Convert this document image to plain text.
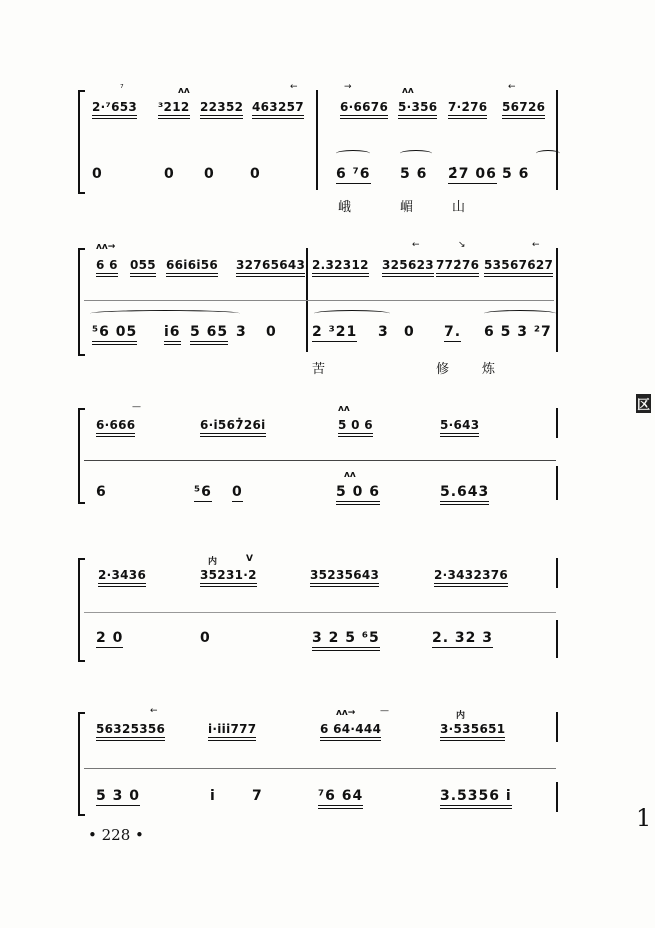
⁷	ʌʌ	←	→	ʌʌ	←
2·⁷653 ³212 22352 463257	6·6676 5·356 7·2̇76 56726
0	0 0	0	6 ⁷6 5 6 2̇7 06 5 6
峨	嵋	山
ʌʌ→	←	↘	←
6 6 055 66i6i56 32765643 2.32312 325623 772̇76 535676̇27
⁵6 05 i̇6 5 65 3 0	2 ³21 3 0 7. 6 5 3 ²7
苦	修	炼
—	ʌʌ
6·666	6·i567̇26i	5 0 6	5·643
ʌʌ
6	⁵6 0	5 0 6	5.643
内	V
2·3436	35231·2	35235643	2·3432376
2 0	0	3 2 5 ⁶5	2. 32 3
←	ʌʌ→	—	内
56325356	i·iii777	6 64·444	3·535651
5 3 0	i	7	⁷6 64	3.5356 i
• 228 •
区
1
